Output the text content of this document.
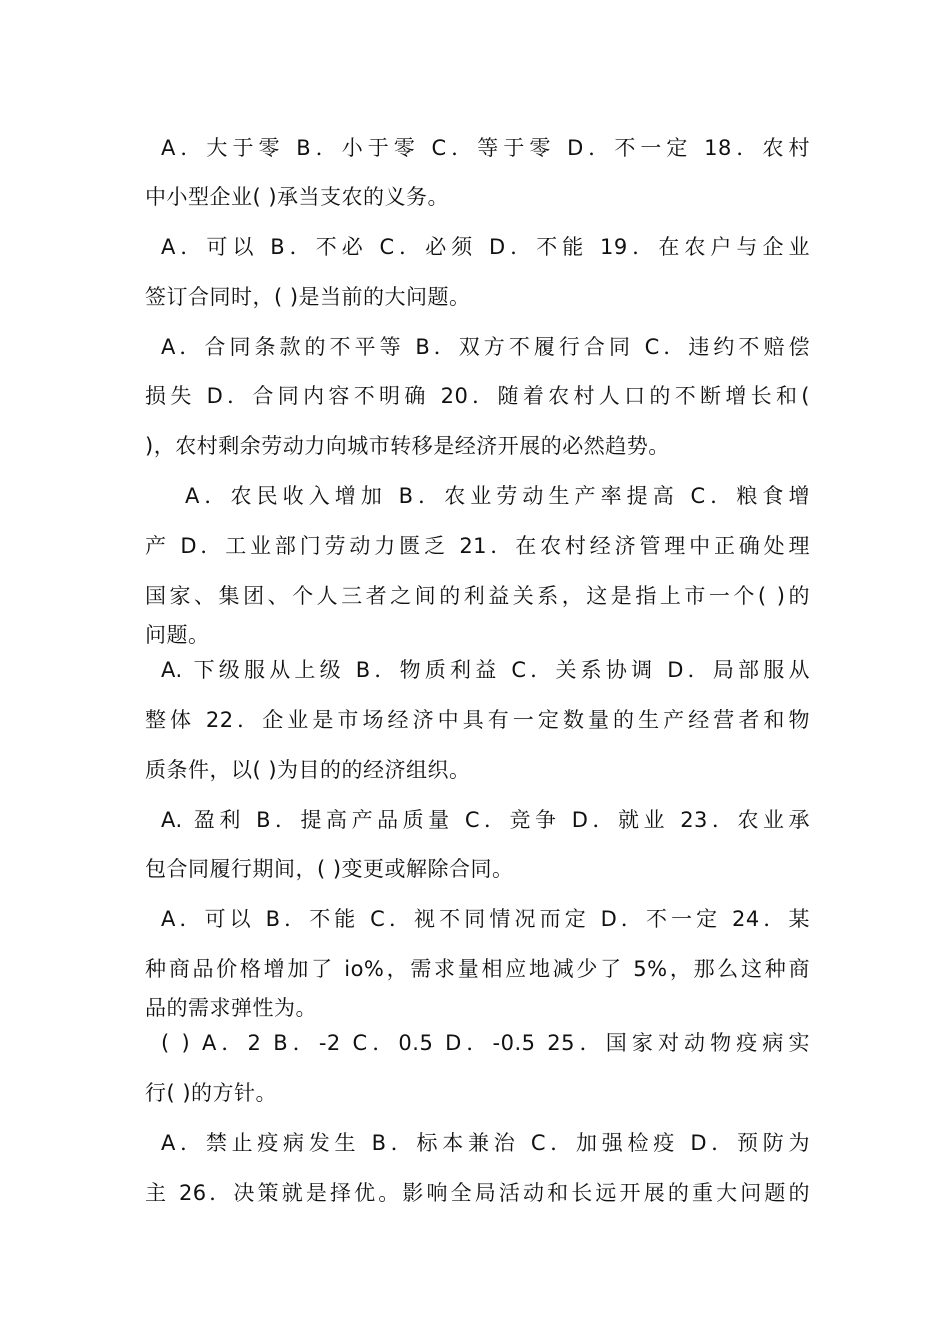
A．大于零 B．小于零 C．等于零 D．不一定 18．农村
中小型企业( )承当支农的义务。
A．可以 B．不必 C．必须 D．不能 19．在农户与企业
签订合同时，( )是当前的大问题。
A．合同条款的不平等 B．双方不履行合同 C．违约不赔偿
损失 D．合同内容不明确 20．随着农村人口的不断增长和(
)，农村剩余劳动力向城市转移是经济开展的必然趋势。
A．农民收入增加 B．农业劳动生产率提高 C．粮食增
产 D．工业部门劳动力匮乏 21．在农村经济管理中正确处理
国家、集团、个人三者之间的利益关系，这是指上市一个( )的
问题。
A. 下级服从上级 B．物质利益 C．关系协调 D．局部服从
整体 22．企业是市场经济中具有一定数量的生产经营者和物
质条件，以( )为目的的经济组织。
A. 盈利 B．提高产品质量 C．竞争 D．就业 23．农业承
包合同履行期间，( )变更或解除合同。
A．可以 B．不能 C．视不同情况而定 D．不一定 24．某
种商品价格增加了 io%，需求量相应地减少了 5%，那么这种商
品的需求弹性为。
( ) A．2 B．-2 C．0.5 D．-0.5 25．国家对动物疫病实
行( )的方针。
A．禁止疫病发生 B．标本兼治 C．加强检疫 D．预防为
主 26．决策就是择优。影响全局活动和长远开展的重大问题的
